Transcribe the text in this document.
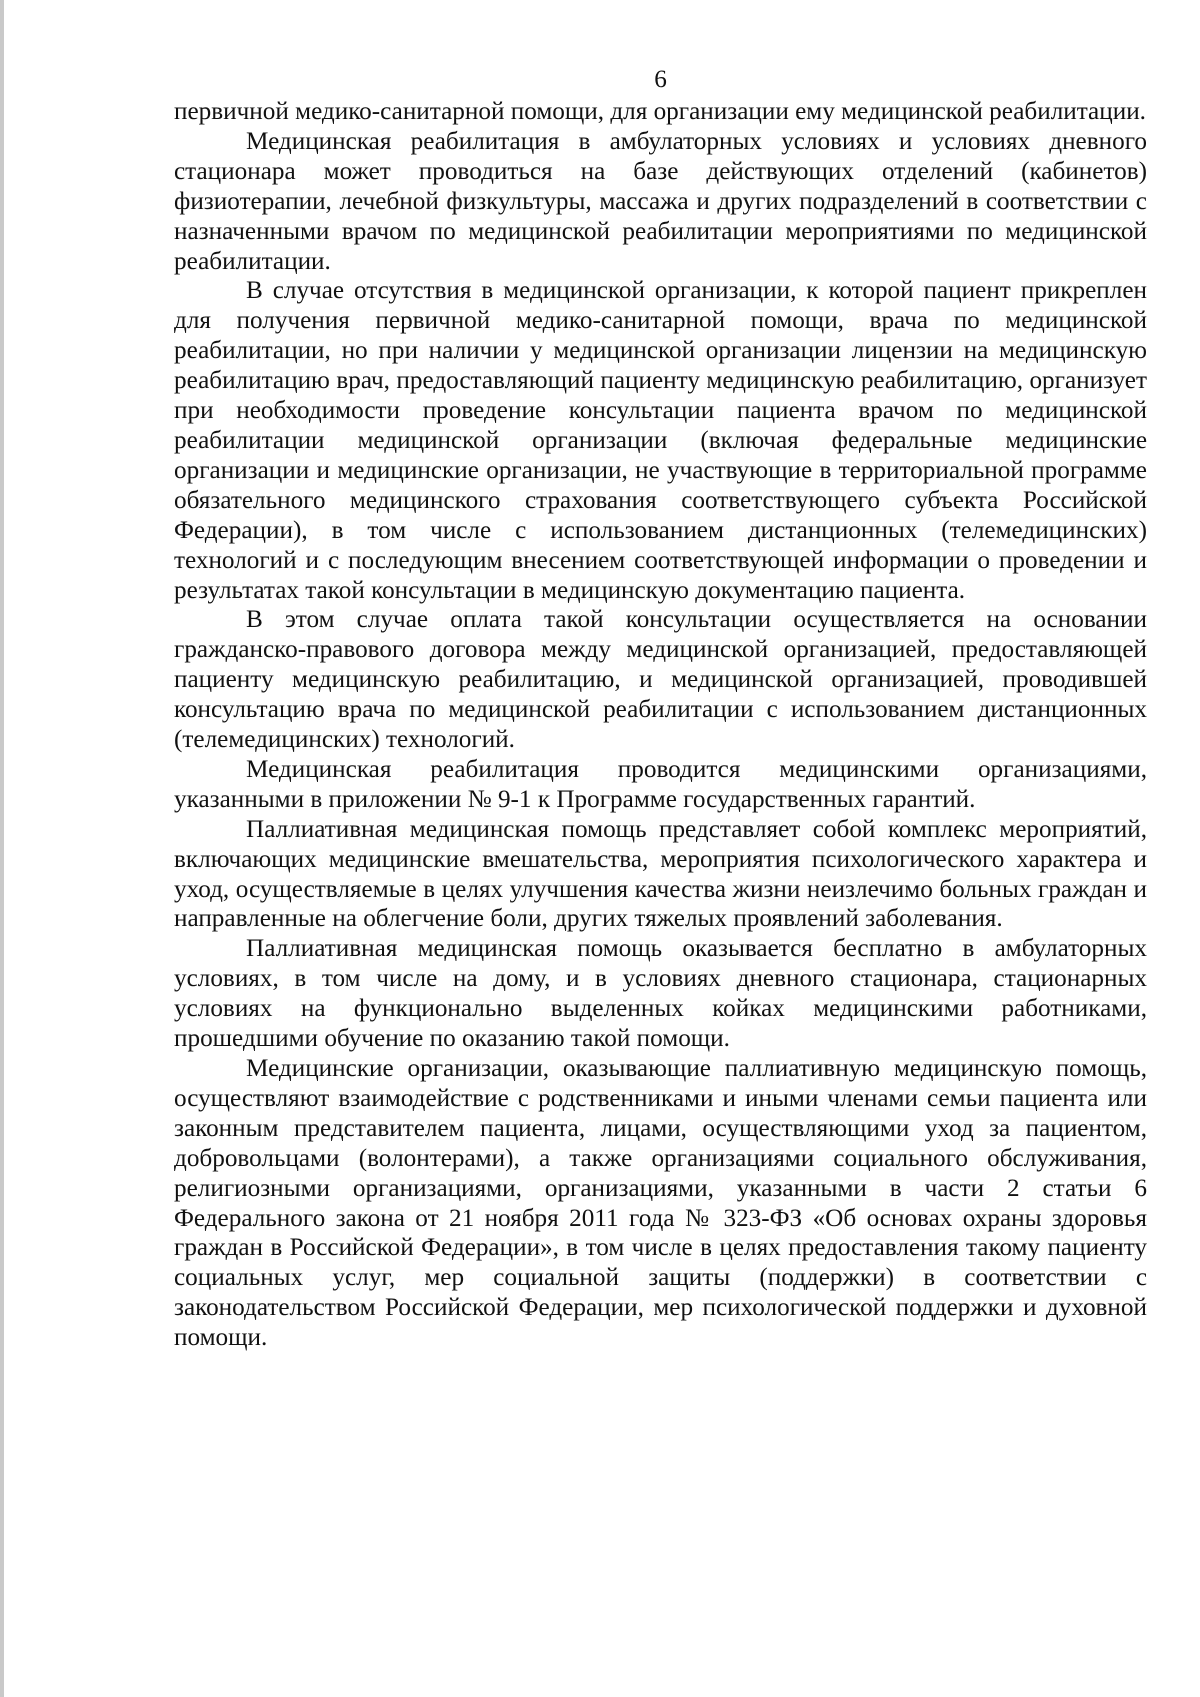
6

первичной медико-санитарной помощи, для организации ему медицинской реабилитации.

Медицинская реабилитация в амбулаторных условиях и условиях дневного стационара может проводиться на базе действующих отделений (кабинетов) физиотерапии, лечебной физкультуры, массажа и других подразделений в соответствии с назначенными врачом по медицинской реабилитации мероприятиями по медицинской реабилитации.

В случае отсутствия в медицинской организации, к которой пациент прикреплен для получения первичной медико-санитарной помощи, врача по медицинской реабилитации, но при наличии у медицинской организации лицензии на медицинскую реабилитацию врач, предоставляющий пациенту медицинскую реабилитацию, организует при необходимости проведение консультации пациента врачом по медицинской реабилитации медицинской организации (включая федеральные медицинские организации и медицинские организации, не участвующие в территориальной программе обязательного медицинского страхования соответствующего субъекта Российской Федерации), в том числе с использованием дистанционных (телемедицинских) технологий и с последующим внесением соответствующей информации о проведении и результатах такой консультации в медицинскую документацию пациента.

В этом случае оплата такой консультации осуществляется на основании гражданско-правового договора между медицинской организацией, предоставляющей пациенту медицинскую реабилитацию, и медицинской организацией, проводившей консультацию врача по медицинской реабилитации с использованием дистанционных (телемедицинских) технологий.

Медицинская реабилитация проводится медицинскими организациями, указанными в приложении № 9-1 к Программе государственных гарантий.

Паллиативная медицинская помощь представляет собой комплекс мероприятий, включающих медицинские вмешательства, мероприятия психологического характера и уход, осуществляемые в целях улучшения качества жизни неизлечимо больных граждан и направленные на облегчение боли, других тяжелых проявлений заболевания.

Паллиативная медицинская помощь оказывается бесплатно в амбулаторных условиях, в том числе на дому, и в условиях дневного стационара, стационарных условиях на функционально выделенных койках медицинскими работниками, прошедшими обучение по оказанию такой помощи.

Медицинские организации, оказывающие паллиативную медицинскую помощь, осуществляют взаимодействие с родственниками и иными членами семьи пациента или законным представителем пациента, лицами, осуществляющими уход за пациентом, добровольцами (волонтерами), а также организациями социального обслуживания, религиозными организациями, организациями, указанными в части 2 статьи 6 Федерального закона от 21 ноября 2011 года № 323-ФЗ «Об основах охраны здоровья граждан в Российской Федерации», в том числе в целях предоставления такому пациенту социальных услуг, мер социальной защиты (поддержки) в соответствии с законодательством Российской Федерации, мер психологической поддержки и духовной помощи.
